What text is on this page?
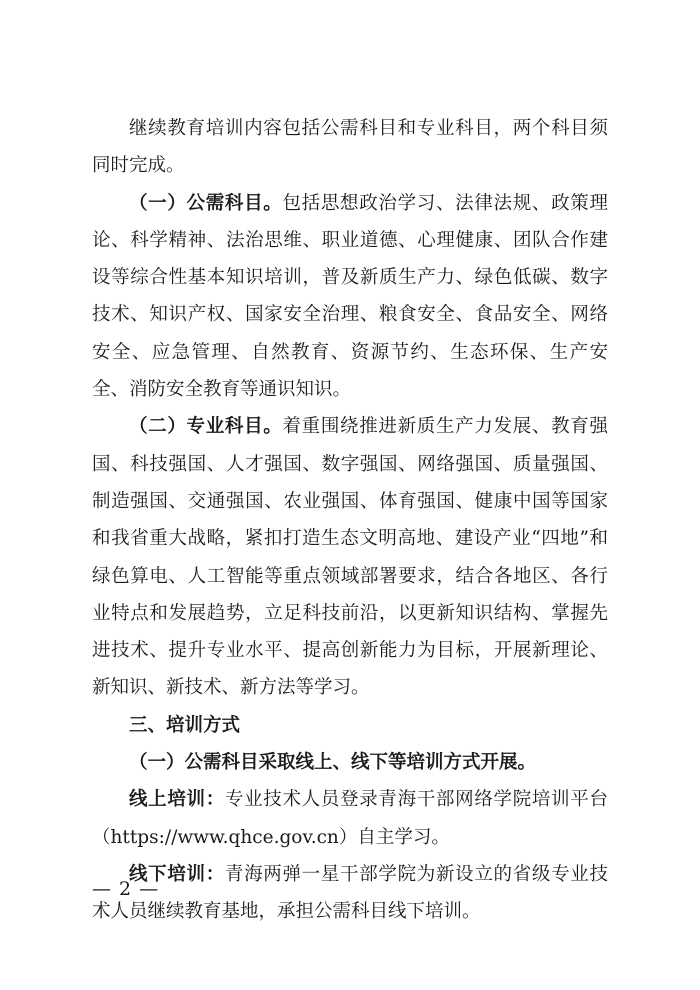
继续教育培训内容包括公需科目和专业科目，两个科目须同时完成。

（一）公需科目。包括思想政治学习、法律法规、政策理论、科学精神、法治思维、职业道德、心理健康、团队合作建设等综合性基本知识培训，普及新质生产力、绿色低碳、数字技术、知识产权、国家安全治理、粮食安全、食品安全、网络安全、应急管理、自然教育、资源节约、生态环保、生产安全、消防安全教育等通识知识。

（二）专业科目。着重围绕推进新质生产力发展、教育强国、科技强国、人才强国、数字强国、网络强国、质量强国、制造强国、交通强国、农业强国、体育强国、健康中国等国家和我省重大战略，紧扣打造生态文明高地、建设产业“四地”和绿色算电、人工智能等重点领域部署要求，结合各地区、各行业特点和发展趋势，立足科技前沿，以更新知识结构、掌握先进技术、提升专业水平、提高创新能力为目标，开展新理论、新知识、新技术、新方法等学习。

三、培训方式

（一）公需科目采取线上、线下等培训方式开展。

线上培训：专业技术人员登录青海干部网络学院培训平台（https://www.qhce.gov.cn）自主学习。

线下培训：青海两弹一星干部学院为新设立的省级专业技术人员继续教育基地，承担公需科目线下培训。

— 2 —
